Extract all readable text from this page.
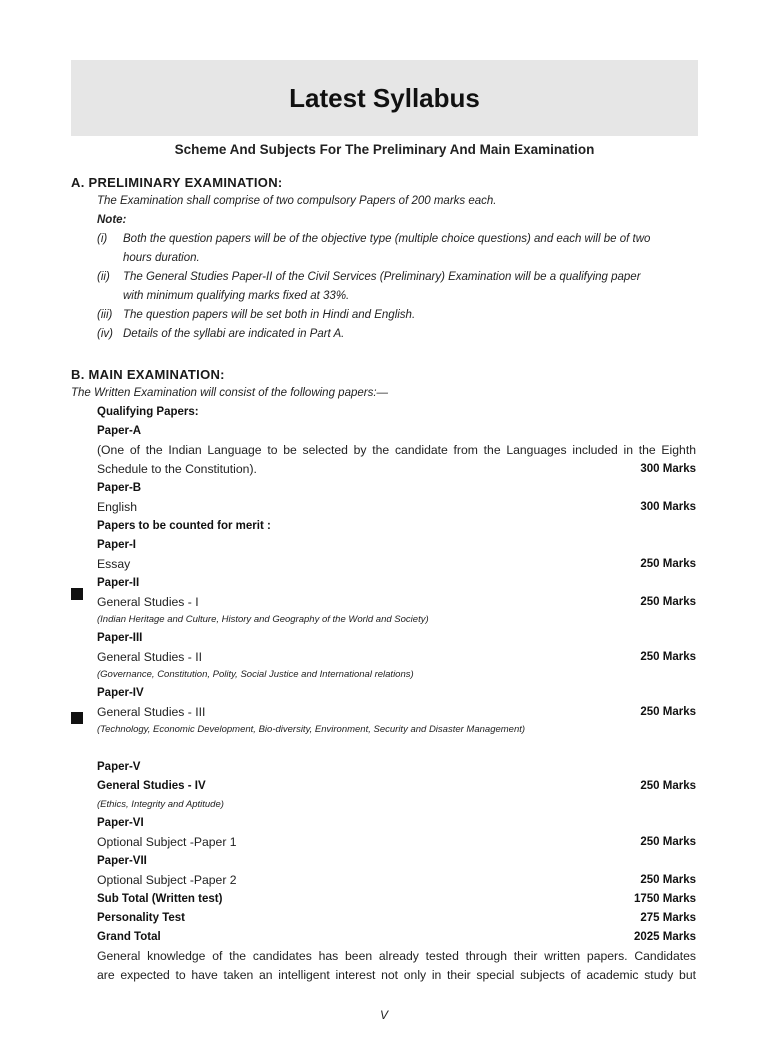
Latest Syllabus
Scheme And Subjects For The Preliminary And Main Examination
A. PRELIMINARY EXAMINATION:
The Examination shall comprise of two compulsory Papers of 200 marks each.
Note:
(i) Both the question papers will be of the objective type (multiple choice questions) and each will be of two
hours duration.
(ii) The General Studies Paper-II of the Civil Services (Preliminary) Examination will be a qualifying paper
with minimum qualifying marks fixed at 33%.
(iii) The question papers will be set both in Hindi and English.
(iv) Details of the syllabi are indicated in Part A.
B. MAIN EXAMINATION:
The Written Examination will consist of the following papers:—
Qualifying Papers:
Paper-A
(One of the Indian Language to be selected by the candidate from the Languages included in the Eighth
Schedule to the Constitution).	300 Marks
Paper-B
English	300 Marks
Papers to be counted for merit :
Paper-I
Essay	250 Marks
Paper-II
General Studies - I	250 Marks
(Indian Heritage and Culture, History and Geography of the World and Society)
Paper-III
General Studies - II	250 Marks
(Governance, Constitution, Polity, Social Justice and International relations)
Paper-IV
General Studies - III	250 Marks
(Technology, Economic Development, Bio-diversity, Environment, Security and Disaster Management)
Paper-V
General Studies - IV	250 Marks
(Ethics, Integrity and Aptitude)
Paper-VI
Optional Subject -Paper 1	250 Marks
Paper-VII
Optional Subject -Paper 2	250 Marks
Sub Total (Written test)	1750 Marks
Personality Test	275 Marks
Grand Total	2025 Marks
General knowledge of the candidates has been already tested through their written papers. Candidates
are expected to have taken an intelligent interest not only in their special subjects of academic study but
V
